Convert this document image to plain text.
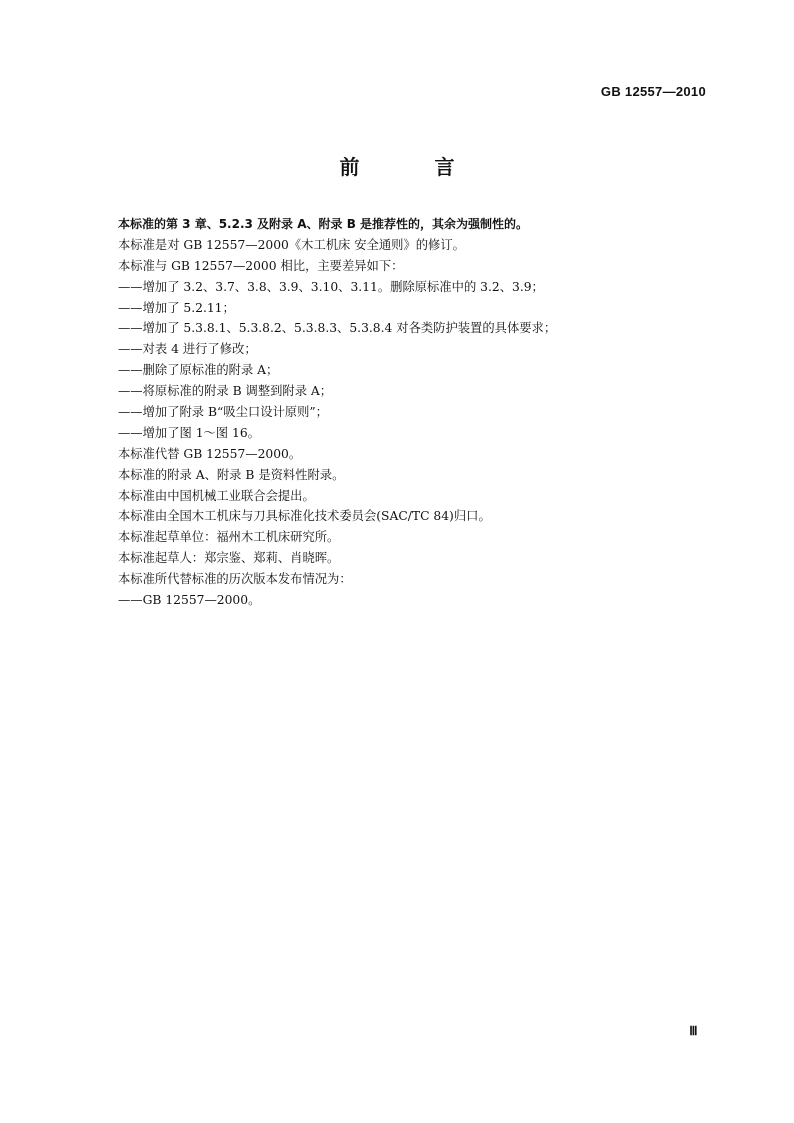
GB 12557—2010
前 言
本标准的第 3 章、5.2.3 及附录 A、附录 B 是推荐性的，其余为强制性的。
本标准是对 GB 12557—2000《木工机床 安全通则》的修订。
本标准与 GB 12557—2000 相比，主要差异如下：
——增加了 3.2、3.7、3.8、3.9、3.10、3.11。删除原标准中的 3.2、3.9；
——增加了 5.2.11；
——增加了 5.3.8.1、5.3.8.2、5.3.8.3、5.3.8.4 对各类防护装置的具体要求；
——对表 4 进行了修改；
——删除了原标准的附录 A；
——将原标准的附录 B 调整到附录 A；
——增加了附录 B“吸尘口设计原则”；
——增加了图 1～图 16。
本标准代替 GB 12557—2000。
本标准的附录 A、附录 B 是资料性附录。
本标准由中国机械工业联合会提出。
本标准由全国木工机床与刀具标准化技术委员会(SAC/TC 84)归口。
本标准起草单位：福州木工机床研究所。
本标准起草人：郑宗鉴、郑莉、肖晓晖。
本标准所代替标准的历次版本发布情况为：
——GB 12557—2000。
Ⅲ
